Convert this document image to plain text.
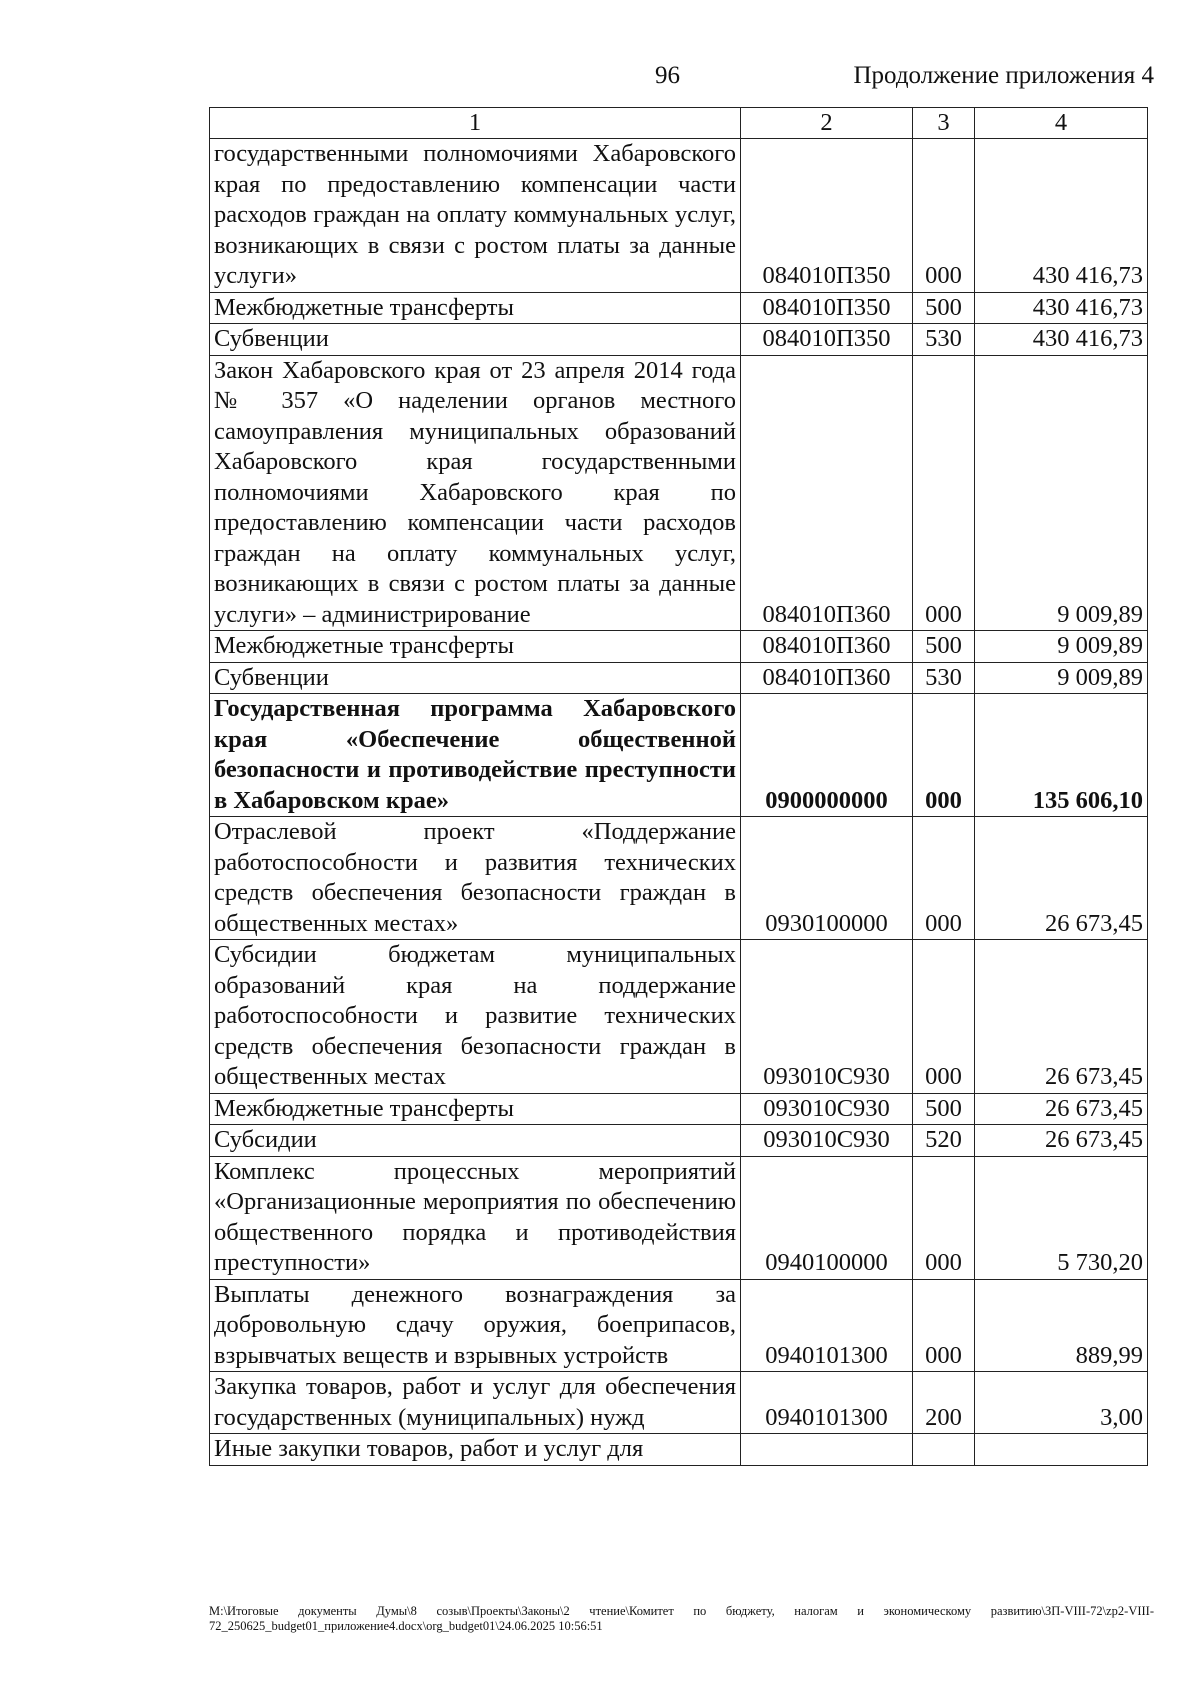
96	Продолжение приложения 4
1	2	3	4
государственными полномочиями Хабаровского края по предоставлению компенсации части расходов граждан на оплату коммунальных услуг, возникающих в связи с ростом платы за данные услуги»	084010П350	000	430 416,73
Межбюджетные трансферты	084010П350	500	430 416,73
Субвенции	084010П350	530	430 416,73
Закон Хабаровского края от 23 апреля 2014 года № 357 «О наделении органов местного самоуправления муниципальных образований Хабаровского края государственными полномочиями Хабаровского края по предоставлению компенсации части расходов граждан на оплату коммунальных услуг, возникающих в связи с ростом платы за данные услуги» – администрирование	084010П360	000	9 009,89
Межбюджетные трансферты	084010П360	500	9 009,89
Субвенции	084010П360	530	9 009,89
Государственная программа Хабаровского края «Обеспечение общественной безопасности и противодействие преступности в Хабаровском крае»	0900000000	000	135 606,10
Отраслевой проект «Поддержание работоспособности и развития технических средств обеспечения безопасности граждан в общественных местах»	0930100000	000	26 673,45
Субсидии бюджетам муниципальных образований края на поддержание работоспособности и развитие технических средств обеспечения безопасности граждан в общественных местах	093010С930	000	26 673,45
Межбюджетные трансферты	093010С930	500	26 673,45
Субсидии	093010С930	520	26 673,45
Комплекс процессных мероприятий «Организационные мероприятия по обеспечению общественного порядка и противодействия преступности»	0940100000	000	5 730,20
Выплаты денежного вознаграждения за добровольную сдачу оружия, боеприпасов, взрывчатых веществ и взрывных устройств	0940101300	000	889,99
Закупка товаров, работ и услуг для обеспечения государственных (муниципальных) нужд	0940101300	200	3,00
Иные закупки товаров, работ и услуг для			
M:\Итоговые документы Думы\8 созыв\Проекты\Законы\2 чтение\Комитет по бюджету, налогам и экономическому развитию\ЗП-VIII-72\zp2-VIII-72_250625_budget01_приложение4.docx\org_budget01\24.06.2025 10:56:51
